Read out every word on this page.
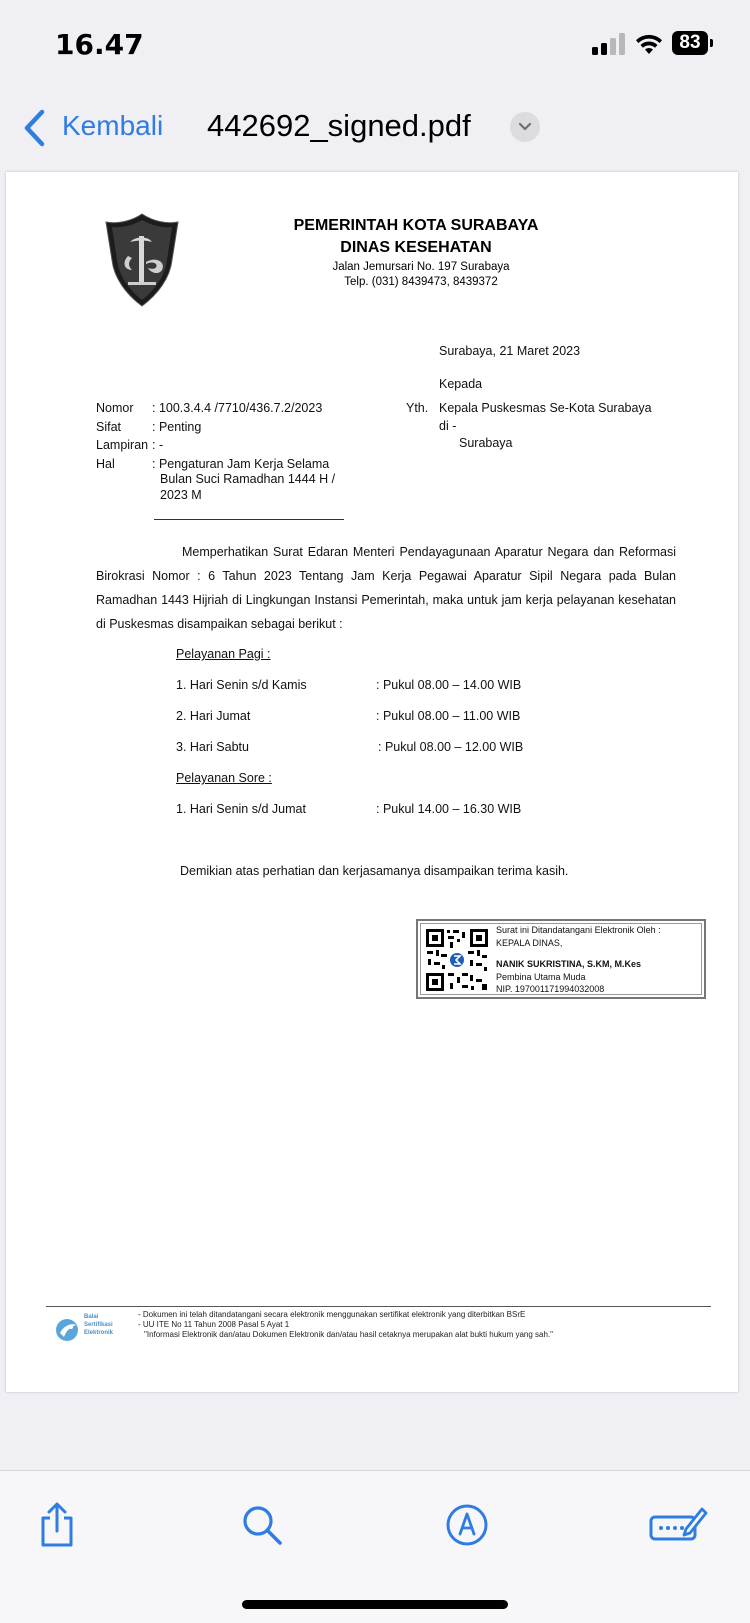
16.47	83
Kembali 442692_signed.pdf
PEMERINTAH KOTA SURABAYA
DINAS KESEHATAN
Jalan Jemursari No. 197 Surabaya
Telp. (031) 8439473, 8439372
Surabaya, 21 Maret 2023
Kepada
Yth. Kepala Puskesmas Se-Kota Surabaya
di -
Surabaya
Nomor : 100.3.4.4 /7710/436.7.2/2023
Sifat : Penting
Lampiran : -
Hal	: Pengaturan Jam Kerja Selama
Bulan Suci Ramadhan 1444 H /
2023 M
Memperhatikan Surat Edaran Menteri Pendayagunaan Aparatur Negara dan Reformasi Birokrasi Nomor : 6 Tahun 2023 Tentang Jam Kerja Pegawai Aparatur Sipil Negara pada Bulan Ramadhan 1443 Hijriah di Lingkungan Instansi Pemerintah, maka untuk jam kerja pelayanan kesehatan di Puskesmas disampaikan sebagai berikut :
Pelayanan Pagi :
1. Hari Senin s/d Kamis	: Pukul 08.00 – 14.00 WIB
2. Hari Jumat	: Pukul 08.00 – 11.00 WIB
3. Hari Sabtu	: Pukul 08.00 – 12.00 WIB
Pelayanan Sore :
1. Hari Senin s/d Jumat	: Pukul 14.00 – 16.30 WIB
Demikian atas perhatian dan kerjasamanya disampaikan terima kasih.
Surat ini Ditandatangani Elektronik Oleh :
KEPALA DINAS,
NANIK SUKRISTINA, S.KM, M.Kes
Pembina Utama Muda
NIP. 197001171994032008
Balai
Sertifikasi
Elektronik
- Dokumen ini telah ditandatangani secara elektronik menggunakan sertifikat elektronik yang diterbitkan BSrE
- UU ITE No 11 Tahun 2008 Pasal 5 Ayat 1
"Informasi Elektronik dan/atau Dokumen Elektronik dan/atau hasil cetaknya merupakan alat bukti hukum yang sah."
